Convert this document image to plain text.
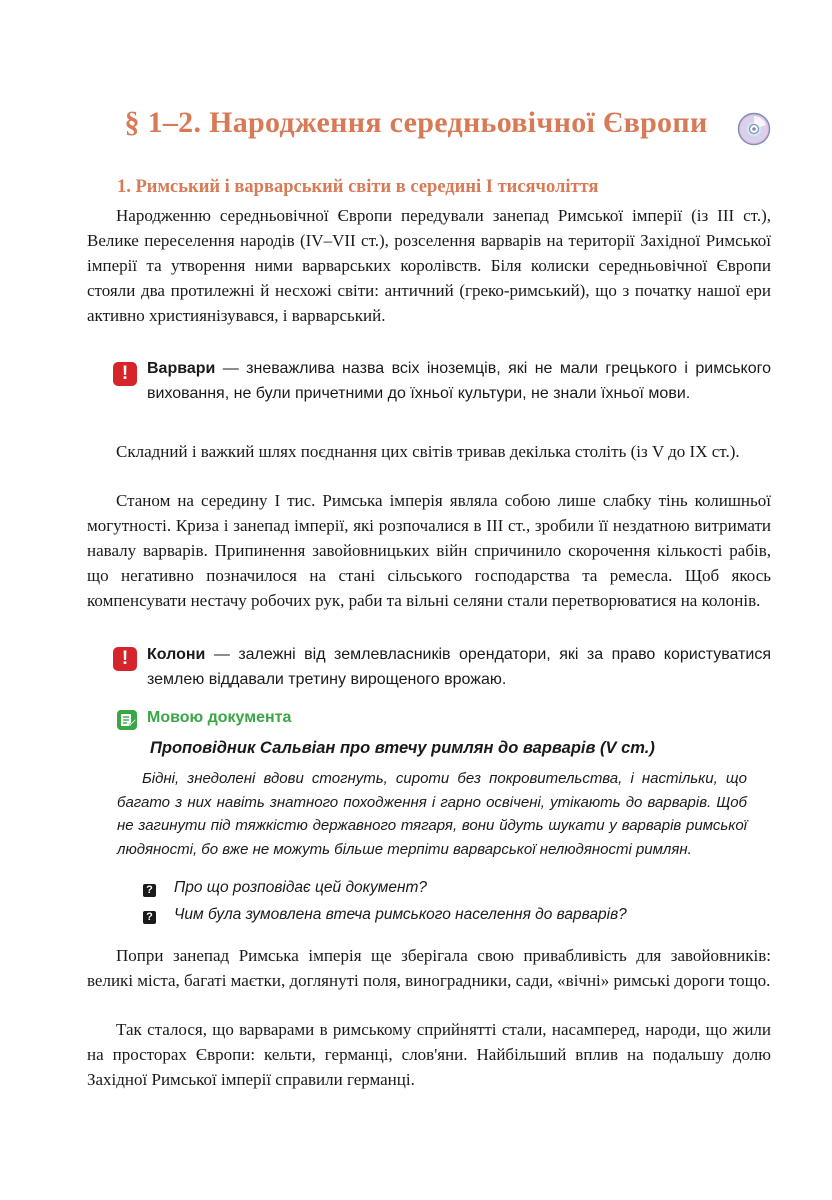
§ 1–2. Народження середньовічної Європи
1. Римський і варварський світи в середині І тисячоліття

Народженню середньовічної Європи передували занепад Римської імперії (із ІІІ ст.), Велике переселення народів (IV–VII ст.), розселення варварів на території Західної Римської імперії та утворення ними варварських королівств. Біля колиски середньовічної Європи стояли два протилежні й несхожі світи: античний (греко-римський), що з початку нашої ери активно християнізувався, і варварський.

!	Варвари — зневажлива назва всіх іноземців, які не мали грецького і римського виховання, не були причетними до їхньої культури, не знали їхньої мови.

Складний і важкий шлях поєднання цих світів тривав декілька століть (із V до IX ст.).

Станом на середину I тис. Римська імперія являла собою лише слабку тінь колишньої могутності. Криза і занепад імперії, які розпочалися в III ст., зробили її нездатною витримати навалу варварів. Припинення завойовницьких війн спричинило скорочення кількості рабів, що негативно позначилося на стані сільського господарства та ремесла. Щоб якось компенсувати нестачу робочих рук, раби та вільні селяни стали перетворюватися на колонів.

!	Колони — залежні від землевласників орендатори, які за право користуватися землею віддавали третину вирощеного врожаю.

Мовою документа
Проповідник Сальвіан про втечу римлян до варварів (V ст.)

Бідні, знедолені вдови стогнуть, сироти без покровительства, і настільки, що багато з них навіть знатного походження і гарно освічені, утікають до варварів. Щоб не загинути під тяжкістю державного тягаря, вони йдуть шукати у варварів римської людяності, бо вже не можуть більше терпіти варварської нелюдяності римлян.

? Про що розповідає цей документ?
? Чим була зумовлена втеча римського населення до варварів?

Попри занепад Римська імперія ще зберігала свою привабливість для завойовників: великі міста, багаті маєтки, доглянуті поля, виноградники, сади, «вічні» римські дороги тощо.

Так сталося, що варварами в римському сприйнятті стали, насамперед, народи, що жили на просторах Європи: кельти, германці, слов'яни. Найбільший вплив на подальшу долю Західної Римської імперії справили германці.
